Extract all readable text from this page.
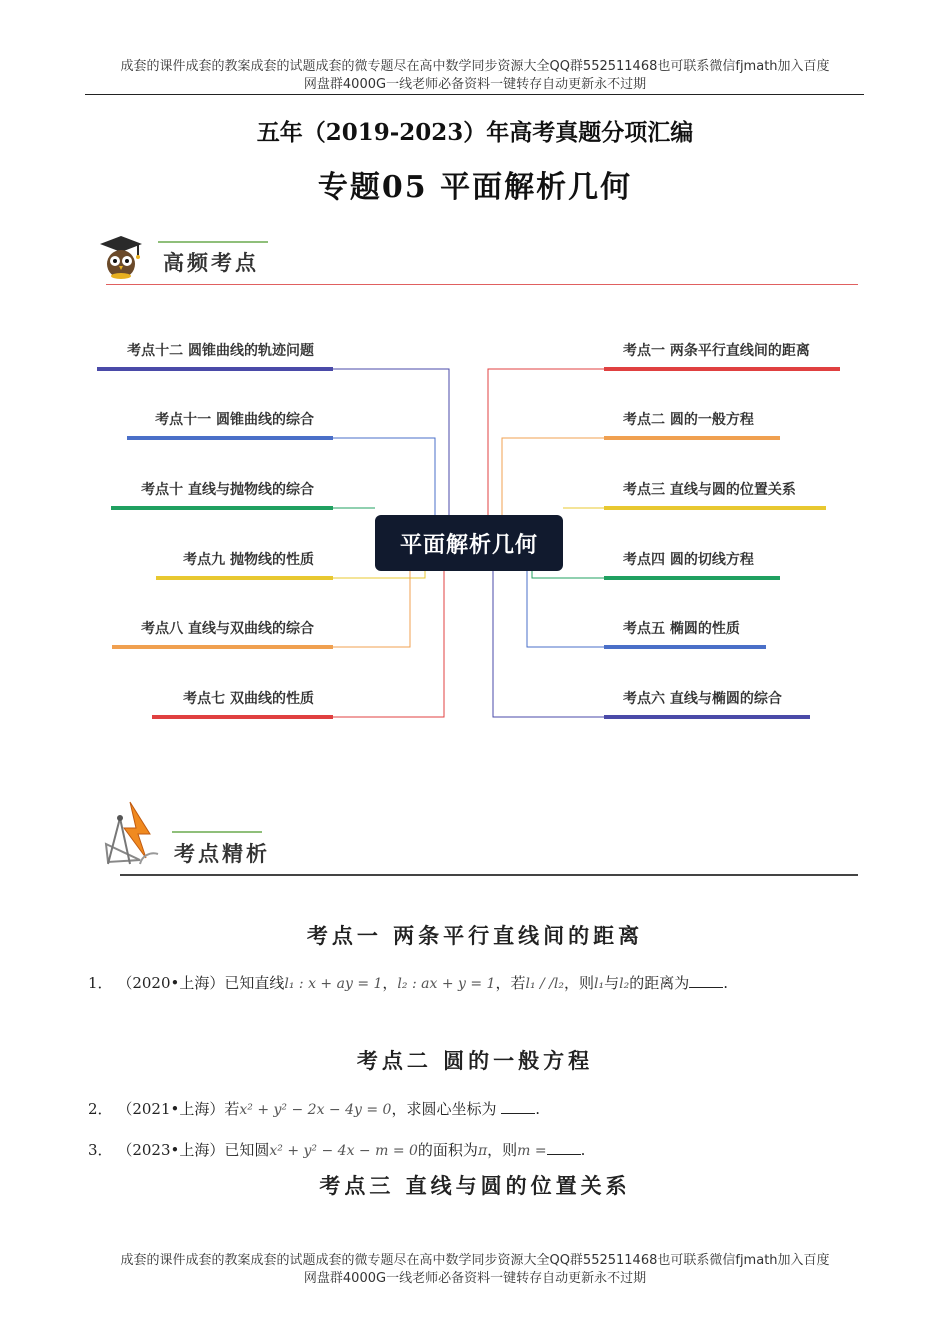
成套的课件成套的教案成套的试题成套的微专题尽在高中数学同步资源大全QQ群552511468也可联系微信fjmath加入百度
网盘群4000G一线老师必备资料一键转存自动更新永不过期
五年（2019-2023）年高考真题分项汇编
专题05 平面解析几何
高频考点
考点十二 圆锥曲线的轨迹问题
考点十一 圆锥曲线的综合
考点十 直线与抛物线的综合
考点九 抛物线的性质
考点八 直线与双曲线的综合
考点七 双曲线的性质
考点一 两条平行直线间的距离
考点二 圆的一般方程
考点三 直线与圆的位置关系
考点四 圆的切线方程
考点五 椭圆的性质
考点六 直线与椭圆的综合
平面解析几何
考点精析
考点一 两条平行直线间的距离
1． （2020•上海）已知直线l₁ : x + ay = 1，l₂ : ax + y = 1，若l₁ / /l₂，则l₁与l₂的距离为 .
考点二 圆的一般方程
2． （2021•上海）若x² + y² − 2x − 4y = 0，求圆心坐标为	.
3． （2023•上海）已知圆x² + y² − 4x − m = 0的面积为π，则m = .
考点三 直线与圆的位置关系
成套的课件成套的教案成套的试题成套的微专题尽在高中数学同步资源大全QQ群552511468也可联系微信fjmath加入百度
网盘群4000G一线老师必备资料一键转存自动更新永不过期
